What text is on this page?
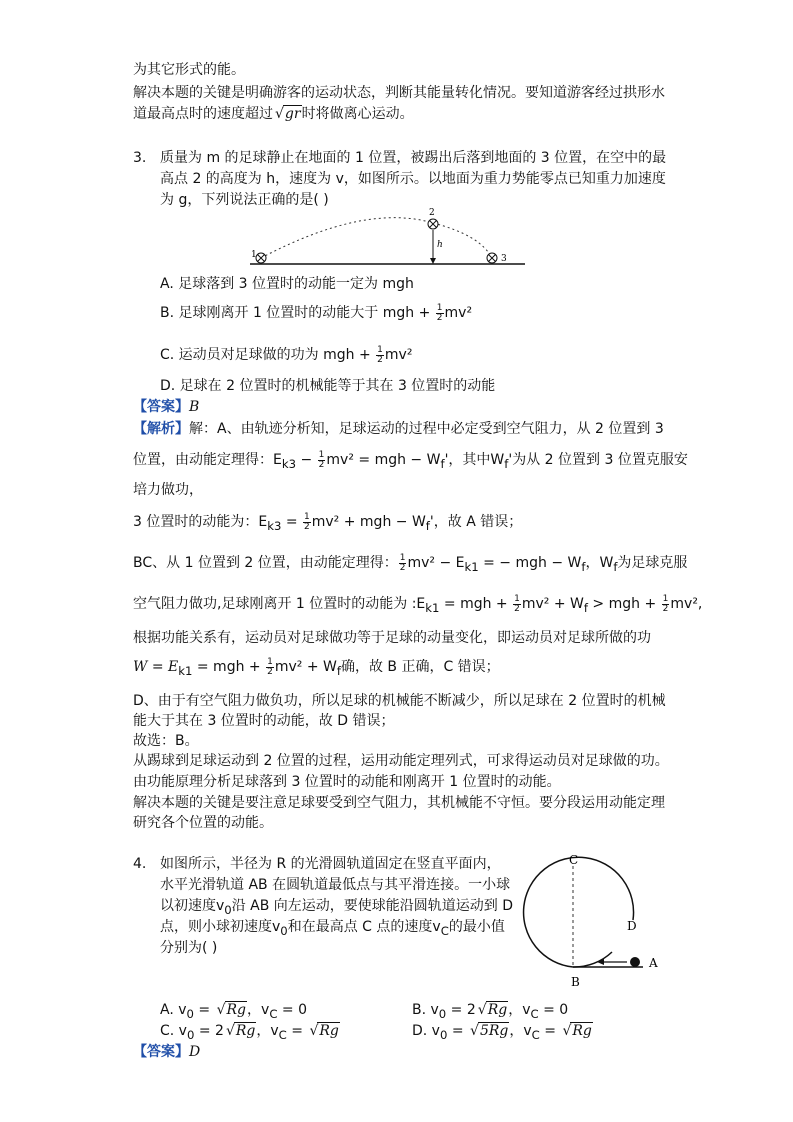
为其它形式的能。
解决本题的关键是明确游客的运动状态，判断其能量转化情况。要知道游客经过拱形水
道最高点时的速度超过√ gr时将做离心运动。
3. 质量为 m 的足球静止在地面的 1 位置，被踢出后落到地面的 3 位置，在空中的最
高点 2 的高度为 h，速度为 v，如图所示。以地面为重力势能零点已知重力加速度
为 g，下列说法正确的是( )
1
2
3
h
A. 足球落到 3 位置时的动能一定为 mgh
B. 足球刚离开 1 位置时的动能大于 mgh + $\frac{1}{2} mv^2$
C. 运动员对足球做的功为 mgh + $\frac{1}{2} mv^2$
D. 足球在 2 位置时的机械能等于其在 3 位置时的动能
【答案】B
【解析】解：A、由轨迹分析知，足球运动的过程中必定受到空气阻力，从 2 位置到 3
位置，由动能定理得：$E_{k3} - \frac{1}{2} mv^2$ = mgh − $W_f'$，其中$W_f'$为从 2 位置到 3 位置克服安
培力做功，
3 位置时的动能为：$E_{k3} = \frac{1}{2} mv^2$ + mgh − $W_f'$，故 A 错误；
BC、从 1 位置到 2 位置，由动能定理得： $\frac{1}{2} mv^2 - E_{k1}$ = − mgh − $W_f$，$W_f$为足球克服
空气阻力做功,足球刚离开 1 位置时的动能为 $:E_{k1}$ = mgh + $\frac{1}{2} mv^2 + W_f$ > mgh + $\frac{1}{2} mv^2$,
根据功能关系有，运动员对足球做功等于足球的动量变化，即运动员对足球所做的功
$W = E_{k1}$ = mgh + $\frac{1}{2} mv^2 + W_f$确，故 B 正确，C 错误；
D、由于有空气阻力做负功，所以足球的机械能不断减少，所以足球在 2 位置时的机械
能大于其在 3 位置时的动能，故 D 错误；
故选：B。
从踢球到足球运动到 2 位置的过程，运用动能定理列式，可求得运动员对足球做的功。
由功能原理分析足球落到 3 位置时的动能和刚离开 1 位置时的动能。
解决本题的关键是要注意足球要受到空气阻力，其机械能不守恒。要分段运用动能定理
研究各个位置的动能。
4. 如图所示，半径为 R 的光滑圆轨道固定在竖直平面内，
水平光滑轨道 AB 在圆轨道最低点与其平滑连接。一小球
以初速度$v_0$沿 AB 向左运动，要使球能沿圆轨道运动到 D
点，则小球初速度$v_0$和在最高点 C 点的速度$v_C$的最小值
分别为( )
C
D
A
B
A. $v_0$ = √ Rg，$v_C = 0$	B. $v_0 = 2√$ Rg，$v_C = 0$
C. $v_0 = 2√$ Rg，$v_C$ = √ Rg	D. $v_0$ = √ 5Rg，$v_C$ = √ Rg
【答案】D
